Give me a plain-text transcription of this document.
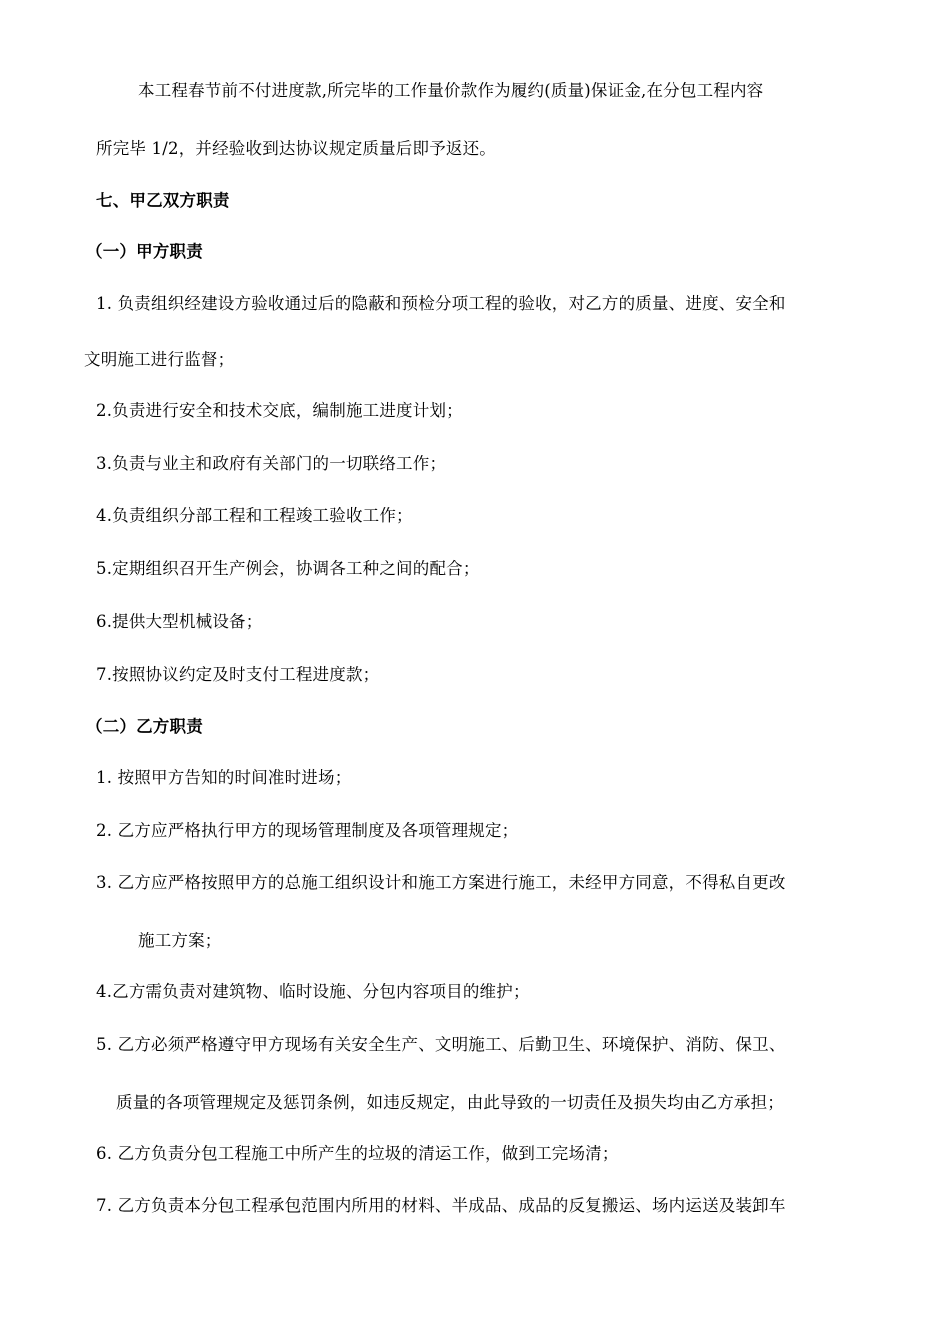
本工程春节前不付进度款,所完毕的工作量价款作为履约(质量)保证金,在分包工程内容
所完毕 1/2，并经验收到达协议规定质量后即予返还。
七、甲乙双方职责
（一）甲方职责
1. 负责组织经建设方验收通过后的隐蔽和预检分项工程的验收，对乙方的质量、进度、安全和
文明施工进行监督；
2.负责进行安全和技术交底，编制施工进度计划；
3.负责与业主和政府有关部门的一切联络工作；
4.负责组织分部工程和工程竣工验收工作；
5.定期组织召开生产例会，协调各工种之间的配合；
6.提供大型机械设备；
7.按照协议约定及时支付工程进度款；
（二）乙方职责
1. 按照甲方告知的时间准时进场；
2. 乙方应严格执行甲方的现场管理制度及各项管理规定；
3. 乙方应严格按照甲方的总施工组织设计和施工方案进行施工，未经甲方同意，不得私自更改
施工方案；
4.乙方需负责对建筑物、临时设施、分包内容项目的维护；
5. 乙方必须严格遵守甲方现场有关安全生产、文明施工、后勤卫生、环境保护、消防、保卫、
质量的各项管理规定及惩罚条例，如违反规定，由此导致的一切责任及损失均由乙方承担；
6. 乙方负责分包工程施工中所产生的垃圾的清运工作，做到工完场清；
7. 乙方负责本分包工程承包范围内所用的材料、半成品、成品的反复搬运、场内运送及装卸车
